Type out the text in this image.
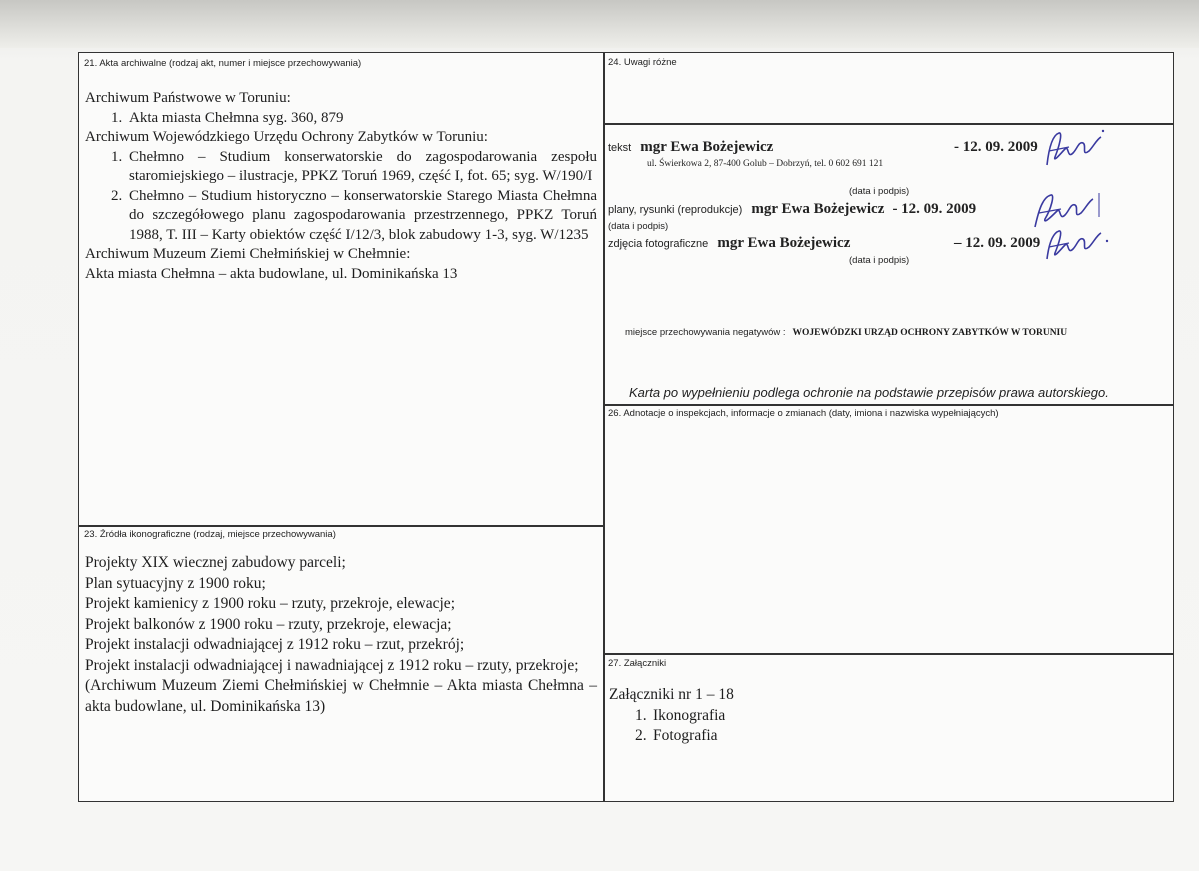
21. Akta archiwalne (rodzaj akt, numer i miejsce przechowywania)
Archiwum Państwowe w Toruniu:
1. Akta miasta Chełmna syg. 360, 879
Archiwum Wojewódzkiego Urzędu Ochrony Zabytków w Toruniu:
1. Chełmno – Studium konserwatorskie do zagospodarowania zespołu staromiejskiego – ilustracje, PPKZ Toruń 1969, część I, fot. 65; syg. W/190/I
2. Chełmno – Studium historyczno – konserwatorskie Starego Miasta Chełmna do szczegółowego planu zagospodarowania przestrzennego, PPKZ Toruń 1988, T. III – Karty obiektów część I/12/3, blok zabudowy 1-3, syg. W/1235
Archiwum Muzeum Ziemi Chełmińskiej w Chełmnie:
Akta miasta Chełmna – akta budowlane, ul. Dominikańska 13
23. Źródła ikonograficzne (rodzaj, miejsce przechowywania)
Projekty XIX wiecznej zabudowy parceli;
Plan sytuacyjny z 1900 roku;
Projekt kamienicy z 1900 roku – rzuty, przekroje, elewacje;
Projekt balkonów z 1900 roku – rzuty, przekroje, elewacja;
Projekt instalacji odwadniającej z 1912 roku – rzut, przekrój;
Projekt instalacji odwadniającej i nawadniającej z 1912 roku – rzuty, przekroje;
(Archiwum Muzeum Ziemi Chełmińskiej w Chełmnie – Akta miasta Chełmna – akta budowlane, ul. Dominikańska 13)
24. Uwagi różne
tekst mgr Ewa Bożejewicz	- 12. 09. 2009
ul. Świerkowa 2, 87-400 Golub – Dobrzyń, tel. 0 602 691 121
(data i podpis)
plany, rysunki (reprodukcje) mgr Ewa Bożejewicz - 12. 09. 2009
(data i podpis)
zdjęcia fotograficzne mgr Ewa Bożejewicz	– 12. 09. 2009
(data i podpis)
miejsce przechowywania negatywów : WOJEWÓDZKI URZĄD OCHRONY ZABYTKÓW W TORUNIU
Karta po wypełnieniu podlega ochronie na podstawie przepisów prawa autorskiego.
26. Adnotacje o inspekcjach, informacje o zmianach (daty, imiona i nazwiska wypełniających)
27. Załączniki
Załączniki nr 1 – 18
1. Ikonografia
2. Fotografia
